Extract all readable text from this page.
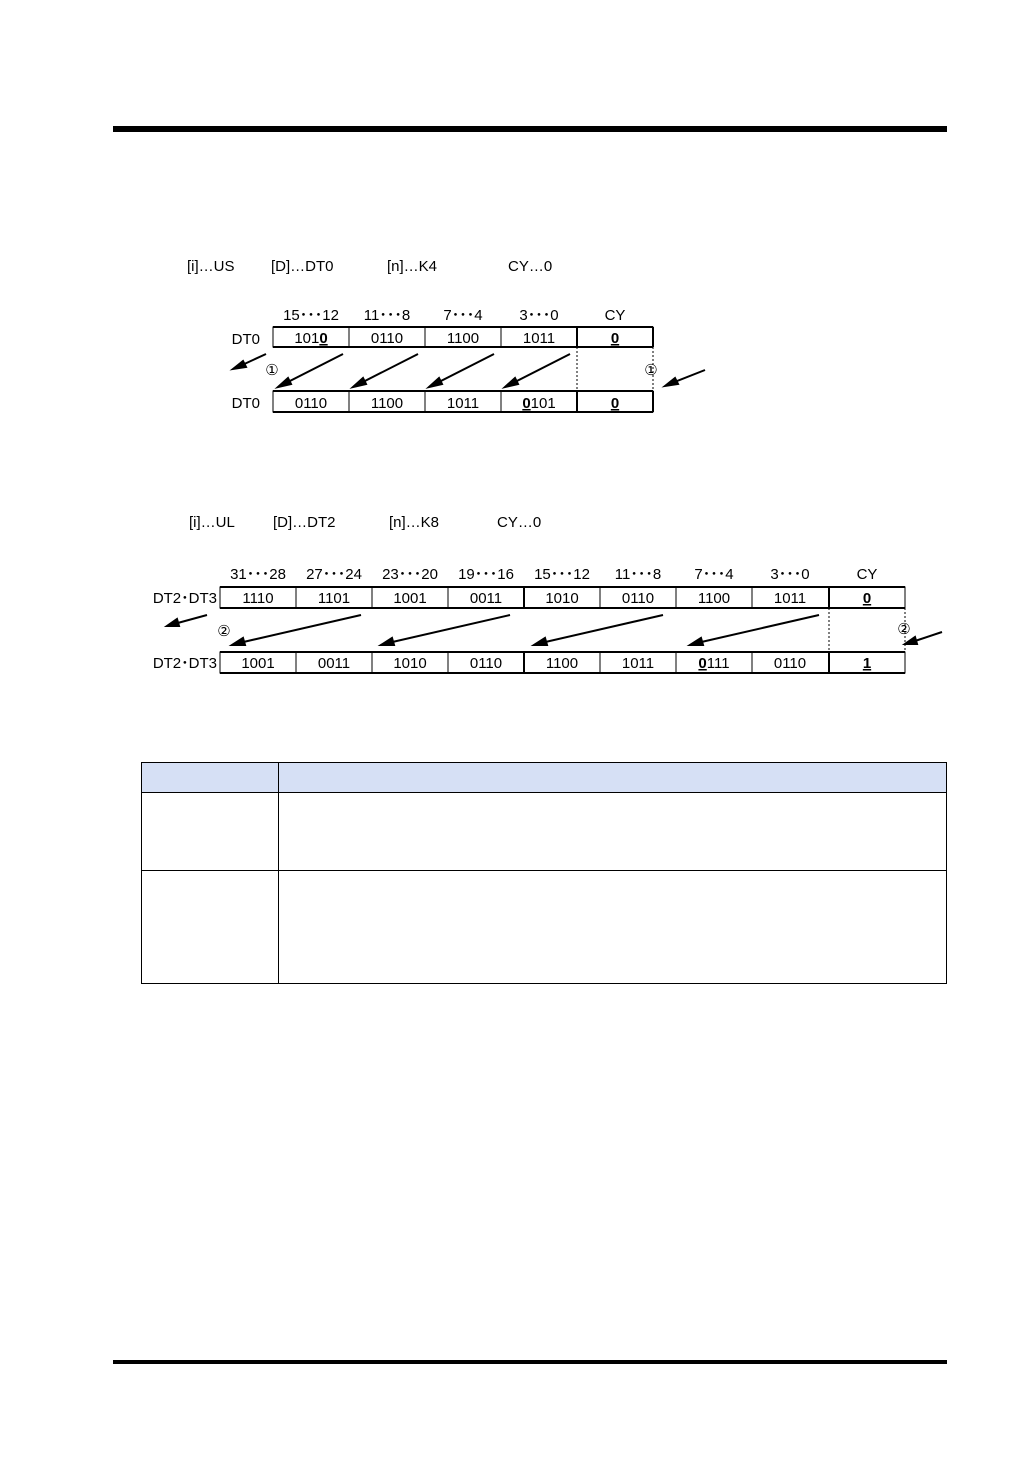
[i]…US [D]…DT0	[n]…K4	CY…0
15･･･12 11･･･8 7･･･4 3･･･0	CY
DT0 1010	0110	1100	1011	0
①	①
DT0 0110	1100	1011	0101	0
[i]…UL	[D]…DT2	[n]…K8	CY…0
31･･･28 27･･･24 23･･･20 19･･･16 15･･･12 11･･･8 7･･･4 3･･･0	CY
DT2･DT3 1110	1101	1001	0011	1010	0110	1100	1011	0
②	②
DT2･DT3 1001	0011	1010	0110	1100	1011	0111	0110	1
